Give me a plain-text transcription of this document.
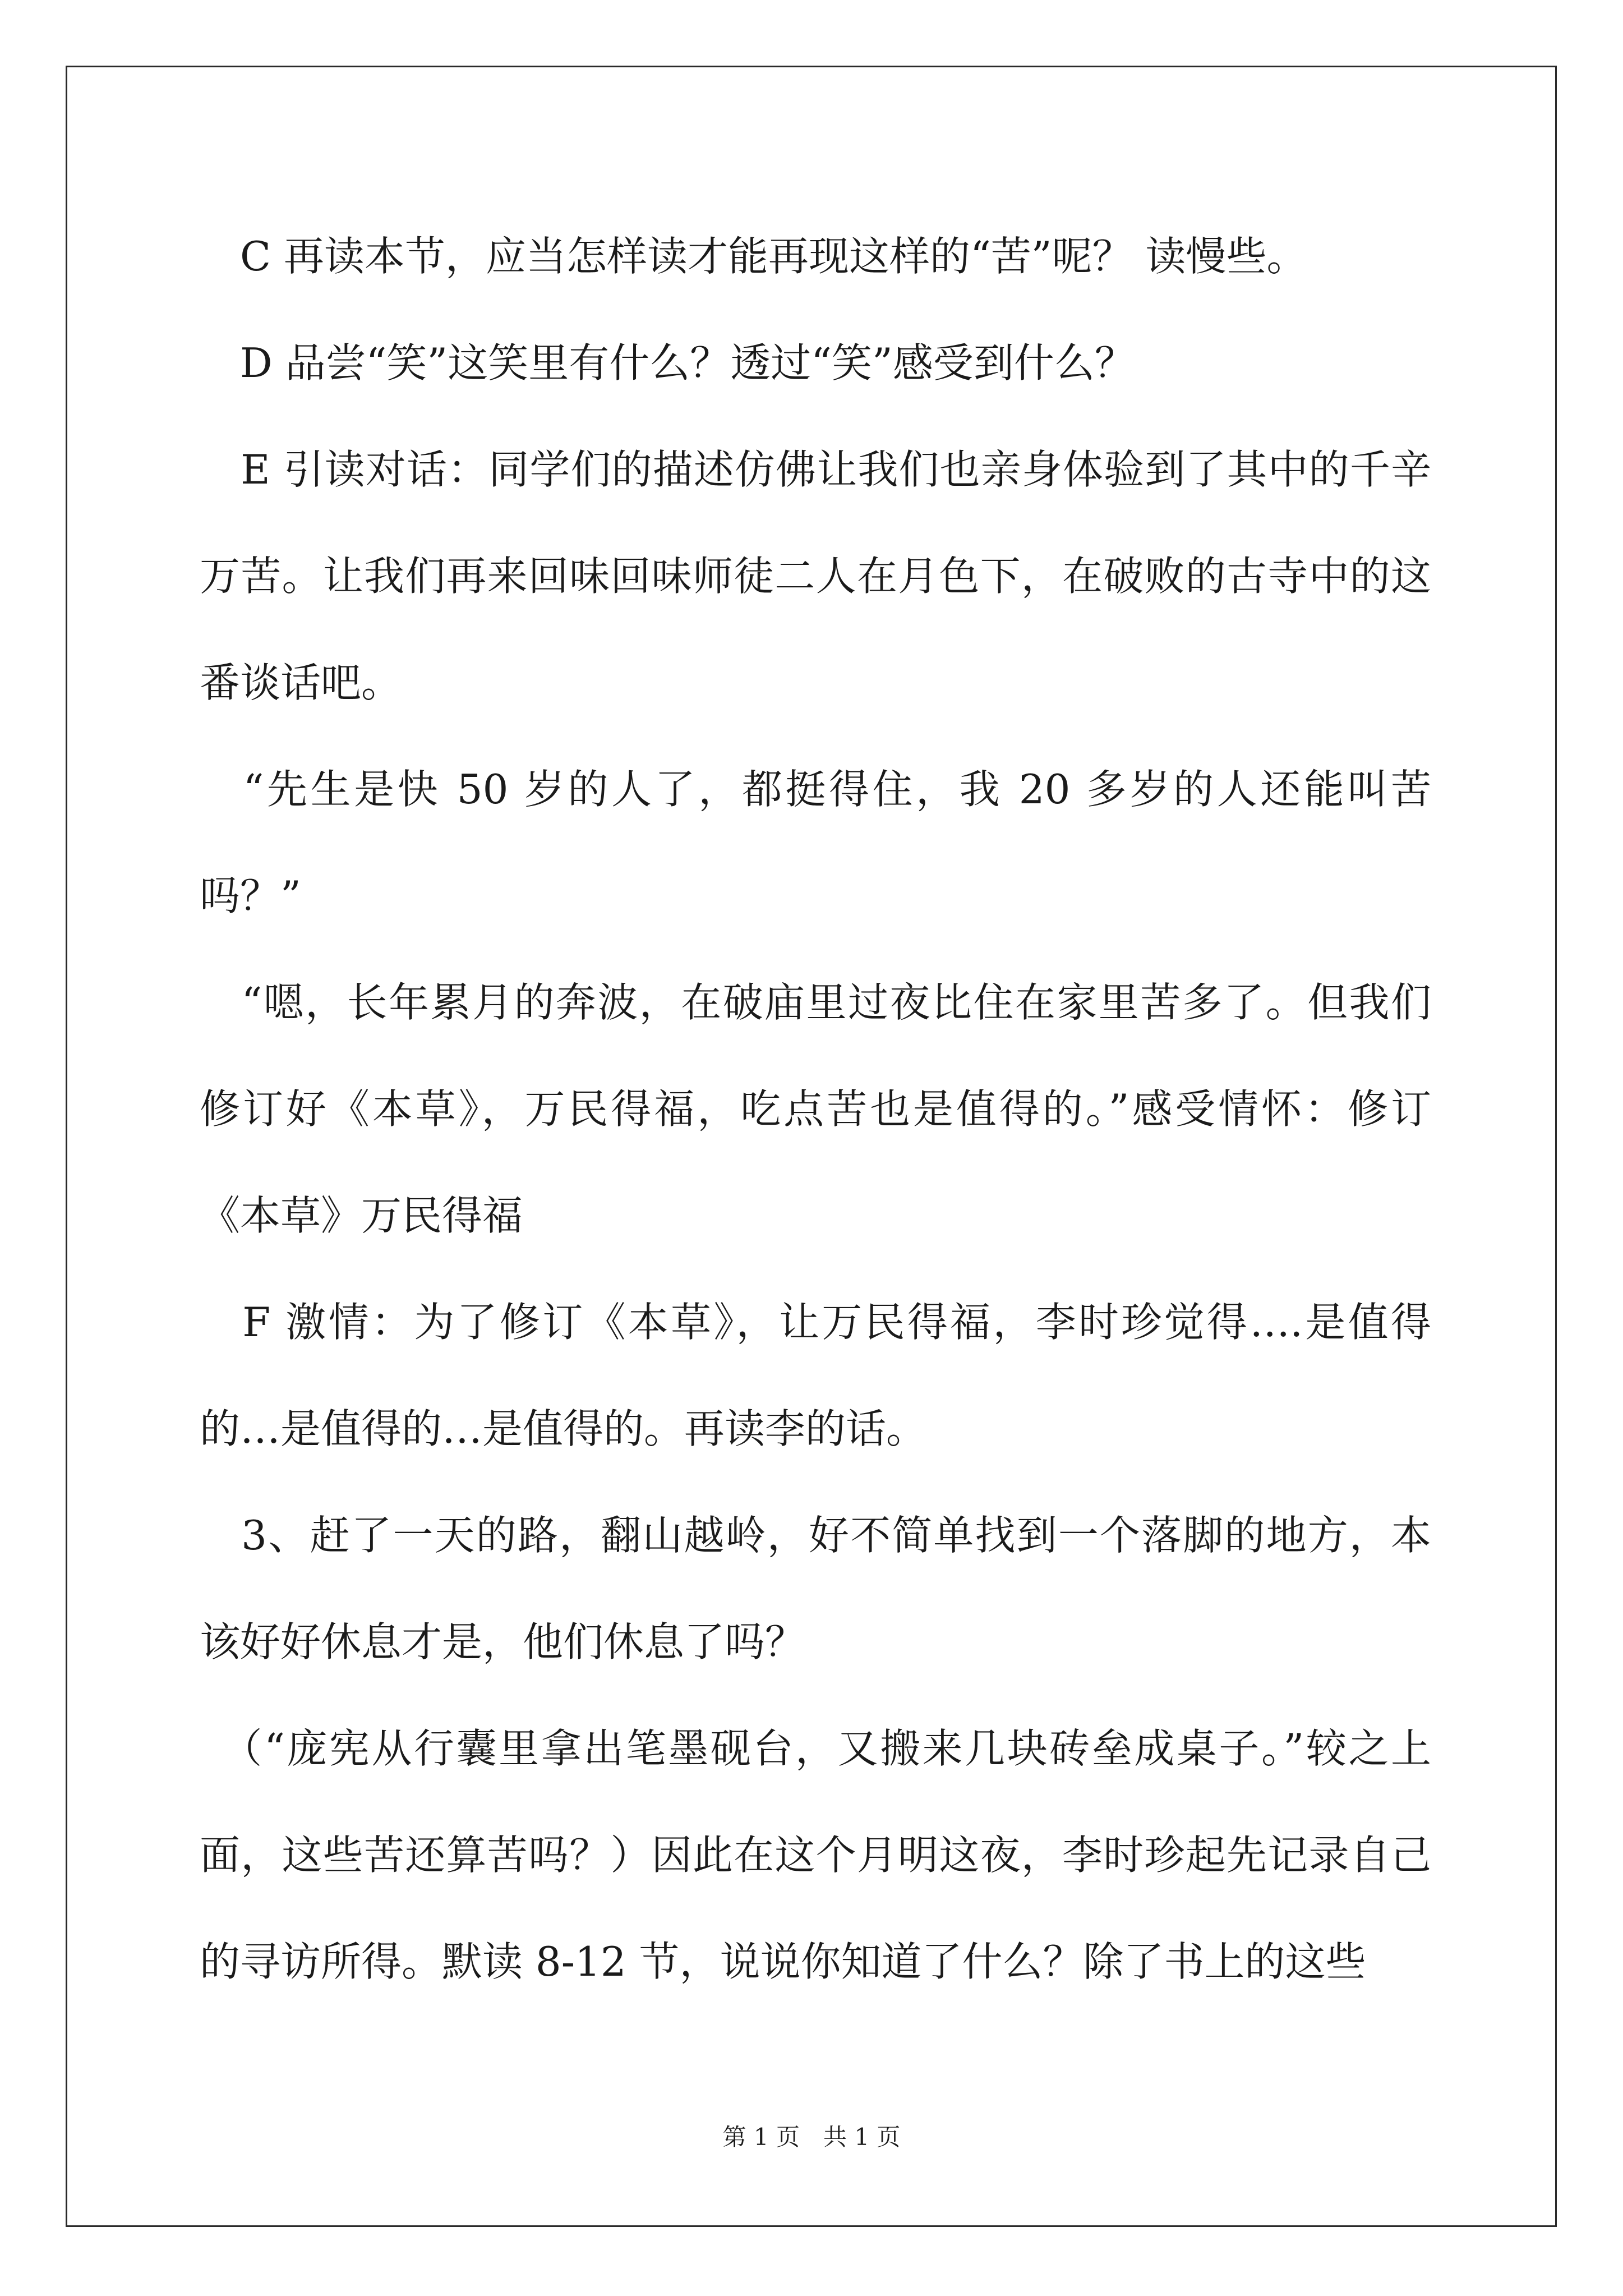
　C 再读本节，应当怎样读才能再现这样的“苦”呢？ 读慢些。

　D 品尝“笑”这笑里有什么？透过“笑”感受到什么？

　E 引读对话：同学们的描述仿佛让我们也亲身体验到了其中的千辛万苦。让我们再来回味回味师徒二人在月色下，在破败的古寺中的这番谈话吧。

　“先生是快 50 岁的人了，都挺得住，我 20 多岁的人还能叫苦吗？”

　“嗯，长年累月的奔波，在破庙里过夜比住在家里苦多了。但我们修订好《本草》，万民得福，吃点苦也是值得的。”感受情怀：修订《本草》万民得福

　F 激情：为了修订《本草》，让万民得福，李时珍觉得….是值得的…是值得的…是值得的。再读李的话。

　3、赶了一天的路，翻山越岭，好不简单找到一个落脚的地方，本该好好休息才是，他们休息了吗？

　（“庞宪从行囊里拿出笔墨砚台，又搬来几块砖垒成桌子。”较之上面，这些苦还算苦吗？）因此在这个月明这夜，李时珍起先记录自己的寻访所得。默读 8-12 节，说说你知道了什么？除了书上的这些

第 1 页　共 1 页
